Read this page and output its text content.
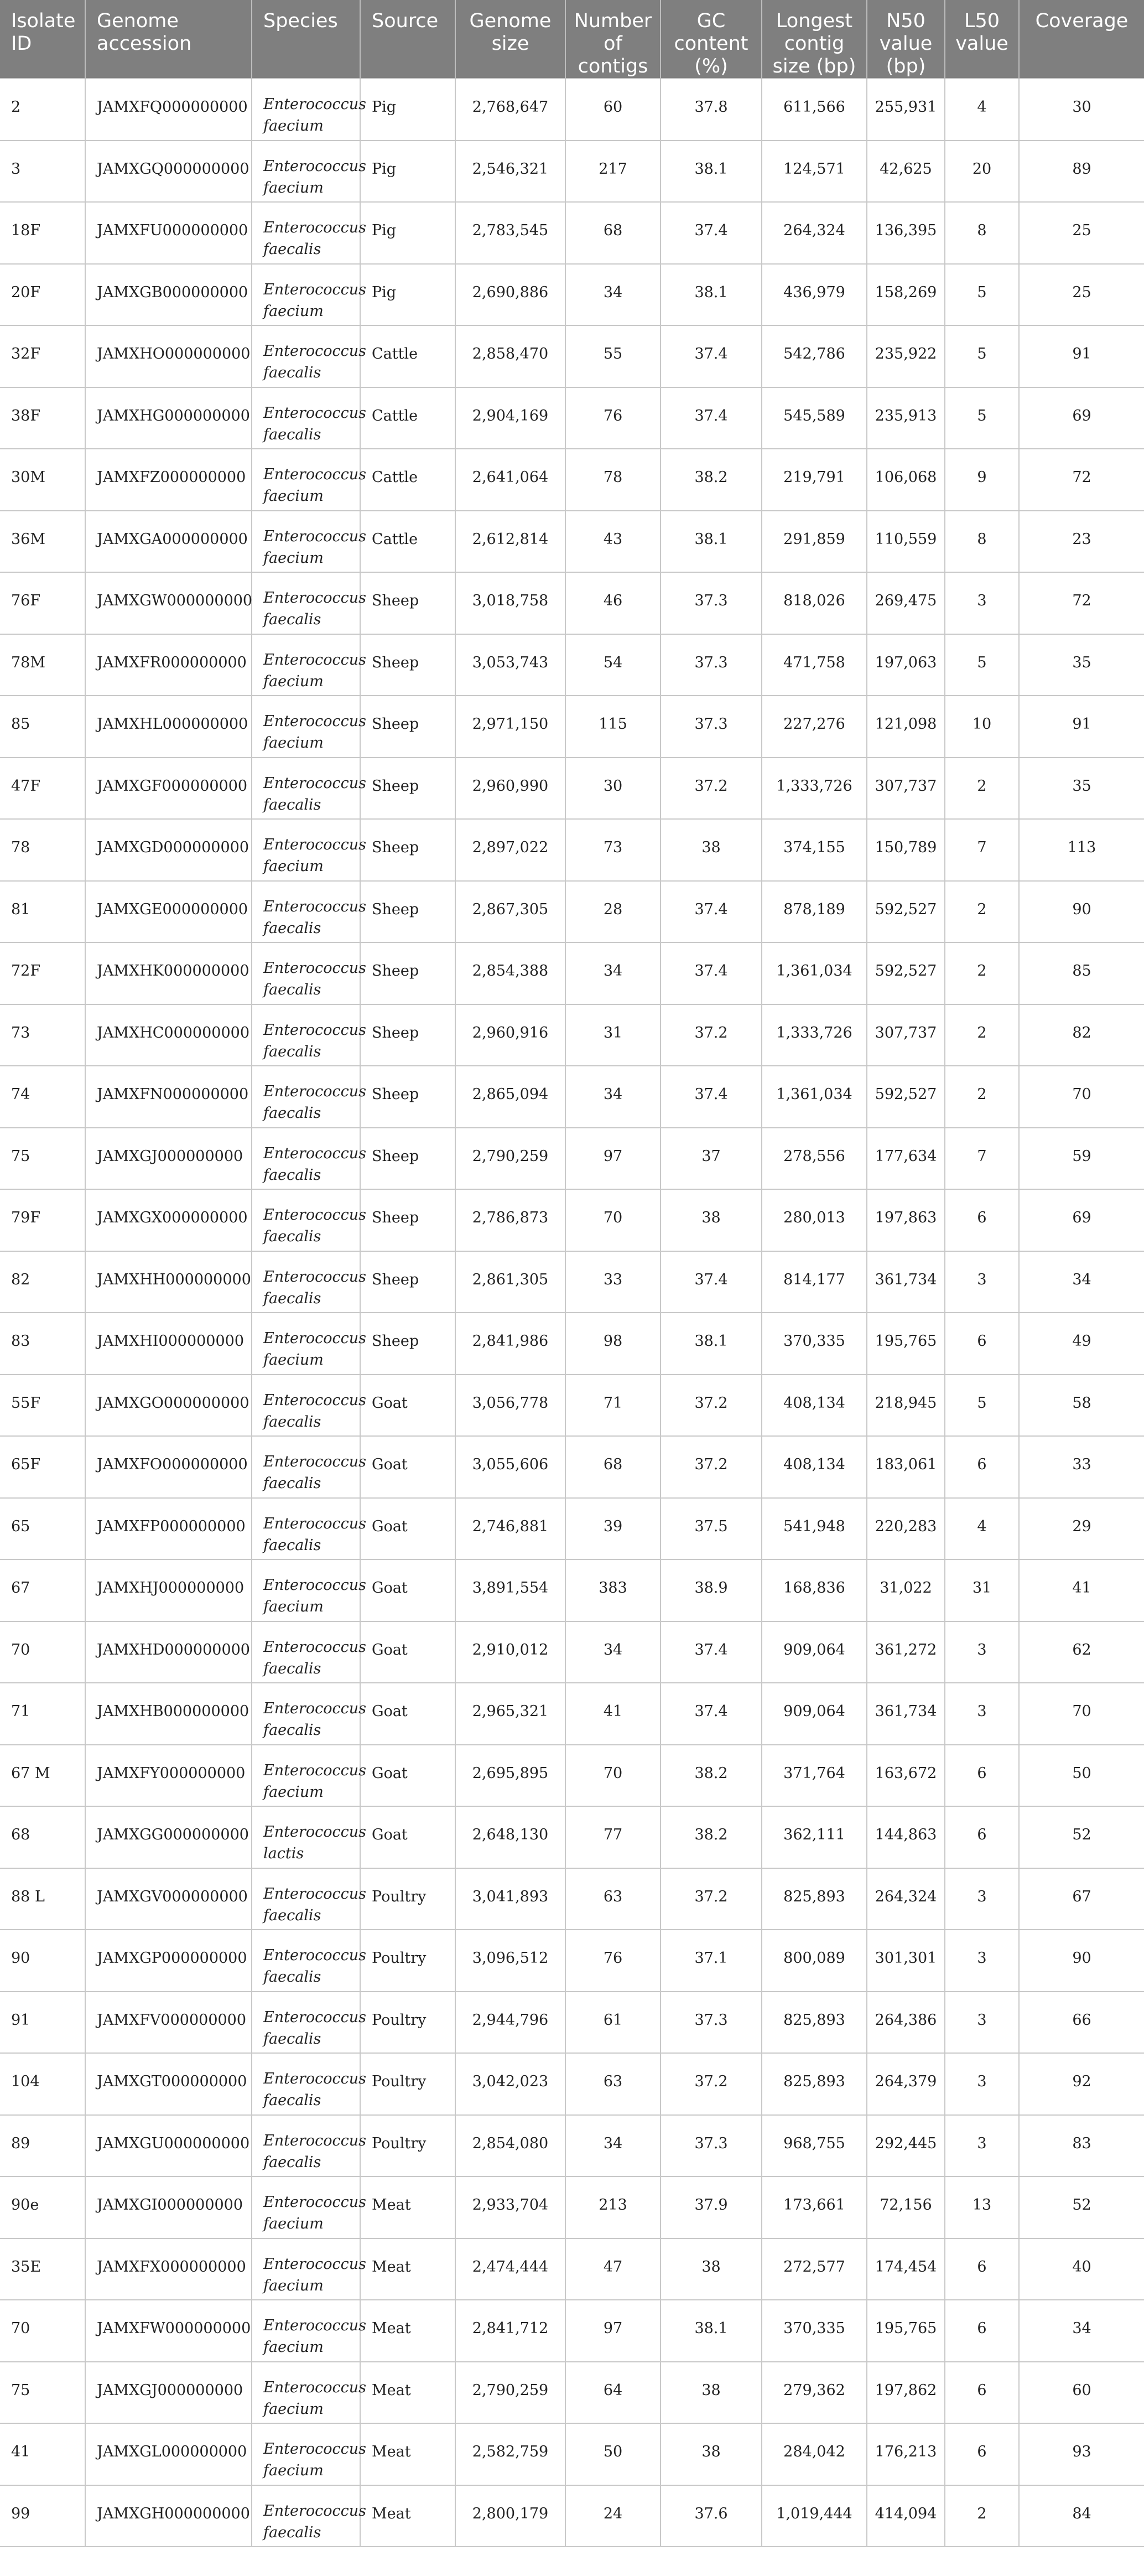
Isolate ID	Genome accession	Species	Source	Genome size	Number of contigs	GC content (%)	Longest contig size (bp)	N50 value (bp)	L50 value	Coverage
2	JAMXFQ000000000	Enterococcus faecium	Pig	2,768,647	60	37.8	611,566	255,931	4	30
3	JAMXGQ000000000	Enterococcus faecium	Pig	2,546,321	217	38.1	124,571	42,625	20	89
18F	JAMXFU000000000	Enterococcus faecalis	Pig	2,783,545	68	37.4	264,324	136,395	8	25
20F	JAMXGB000000000	Enterococcus faecium	Pig	2,690,886	34	38.1	436,979	158,269	5	25
32F	JAMXHO000000000	Enterococcus faecalis	Cattle	2,858,470	55	37.4	542,786	235,922	5	91
38F	JAMXHG000000000	Enterococcus faecalis	Cattle	2,904,169	76	37.4	545,589	235,913	5	69
30M	JAMXFZ000000000	Enterococcus faecium	Cattle	2,641,064	78	38.2	219,791	106,068	9	72
36M	JAMXGA000000000	Enterococcus faecium	Cattle	2,612,814	43	38.1	291,859	110,559	8	23
76F	JAMXGW000000000	Enterococcus faecalis	Sheep	3,018,758	46	37.3	818,026	269,475	3	72
78M	JAMXFR000000000	Enterococcus faecium	Sheep	3,053,743	54	37.3	471,758	197,063	5	35
85	JAMXHL000000000	Enterococcus faecium	Sheep	2,971,150	115	37.3	227,276	121,098	10	91
47F	JAMXGF000000000	Enterococcus faecalis	Sheep	2,960,990	30	37.2	1,333,726	307,737	2	35
78	JAMXGD000000000	Enterococcus faecium	Sheep	2,897,022	73	38	374,155	150,789	7	113
81	JAMXGE000000000	Enterococcus faecalis	Sheep	2,867,305	28	37.4	878,189	592,527	2	90
72F	JAMXHK000000000	Enterococcus faecalis	Sheep	2,854,388	34	37.4	1,361,034	592,527	2	85
73	JAMXHC000000000	Enterococcus faecalis	Sheep	2,960,916	31	37.2	1,333,726	307,737	2	82
74	JAMXFN000000000	Enterococcus faecalis	Sheep	2,865,094	34	37.4	1,361,034	592,527	2	70
75	JAMXGJ000000000	Enterococcus faecalis	Sheep	2,790,259	97	37	278,556	177,634	7	59
79F	JAMXGX000000000	Enterococcus faecalis	Sheep	2,786,873	70	38	280,013	197,863	6	69
82	JAMXHH000000000	Enterococcus faecalis	Sheep	2,861,305	33	37.4	814,177	361,734	3	34
83	JAMXHI000000000	Enterococcus faecium	Sheep	2,841,986	98	38.1	370,335	195,765	6	49
55F	JAMXGO000000000	Enterococcus faecalis	Goat	3,056,778	71	37.2	408,134	218,945	5	58
65F	JAMXFO000000000	Enterococcus faecalis	Goat	3,055,606	68	37.2	408,134	183,061	6	33
65	JAMXFP000000000	Enterococcus faecalis	Goat	2,746,881	39	37.5	541,948	220,283	4	29
67	JAMXHJ000000000	Enterococcus faecium	Goat	3,891,554	383	38.9	168,836	31,022	31	41
70	JAMXHD000000000	Enterococcus faecalis	Goat	2,910,012	34	37.4	909,064	361,272	3	62
71	JAMXHB000000000	Enterococcus faecalis	Goat	2,965,321	41	37.4	909,064	361,734	3	70
67 M	JAMXFY000000000	Enterococcus faecium	Goat	2,695,895	70	38.2	371,764	163,672	6	50
68	JAMXGG000000000	Enterococcus lactis	Goat	2,648,130	77	38.2	362,111	144,863	6	52
88 L	JAMXGV000000000	Enterococcus faecalis	Poultry	3,041,893	63	37.2	825,893	264,324	3	67
90	JAMXGP000000000	Enterococcus faecalis	Poultry	3,096,512	76	37.1	800,089	301,301	3	90
91	JAMXFV000000000	Enterococcus faecalis	Poultry	2,944,796	61	37.3	825,893	264,386	3	66
104	JAMXGT000000000	Enterococcus faecalis	Poultry	3,042,023	63	37.2	825,893	264,379	3	92
89	JAMXGU000000000	Enterococcus faecalis	Poultry	2,854,080	34	37.3	968,755	292,445	3	83
90e	JAMXGI000000000	Enterococcus faecium	Meat	2,933,704	213	37.9	173,661	72,156	13	52
35E	JAMXFX000000000	Enterococcus faecium	Meat	2,474,444	47	38	272,577	174,454	6	40
70	JAMXFW000000000	Enterococcus faecium	Meat	2,841,712	97	38.1	370,335	195,765	6	34
75	JAMXGJ000000000	Enterococcus faecium	Meat	2,790,259	64	38	279,362	197,862	6	60
41	JAMXGL000000000	Enterococcus faecium	Meat	2,582,759	50	38	284,042	176,213	6	93
99	JAMXGH000000000	Enterococcus faecalis	Meat	2,800,179	24	37.6	1,019,444	414,094	2	84
